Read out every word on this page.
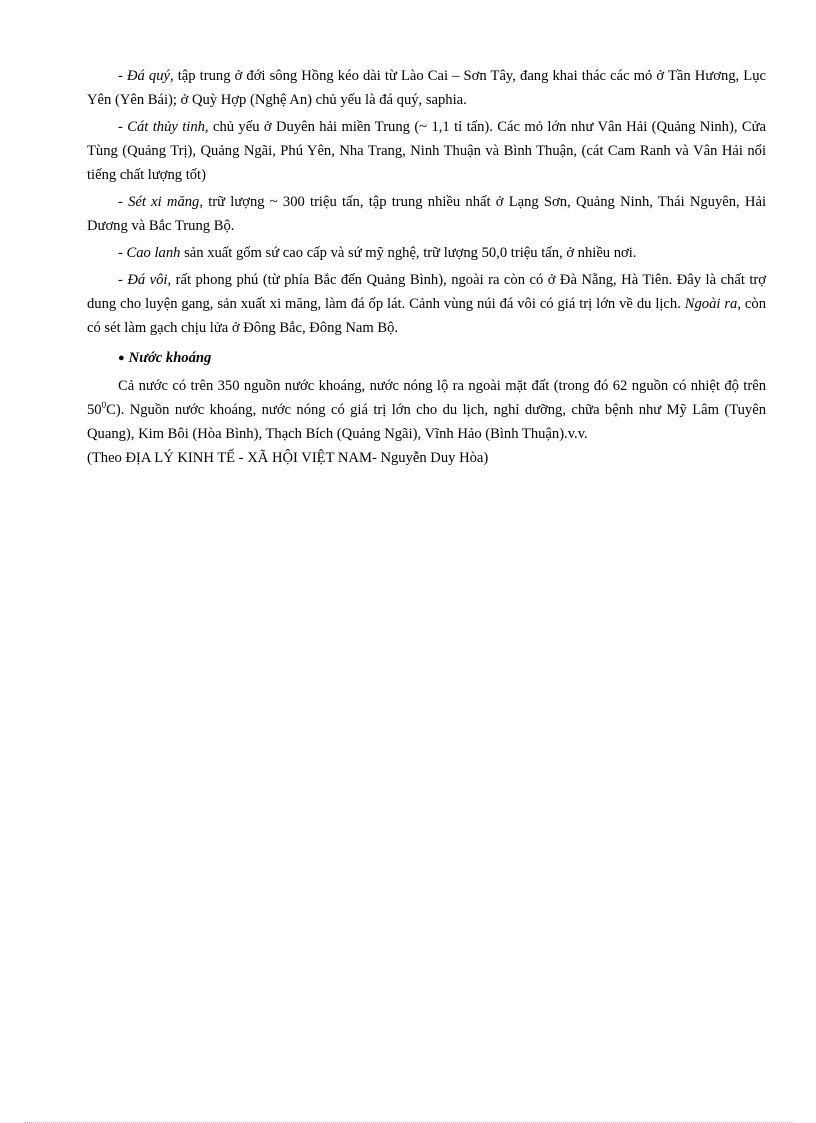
- Đá quý, tập trung ở đới sông Hồng kéo dài từ Lào Cai – Sơn Tây, đang khai thác các mỏ ở Tần Hương, Lục Yên (Yên Bái); ở Quỳ Hợp (Nghệ An) chủ yếu là đá quý, saphia.

- Cát thủy tinh, chủ yếu ở Duyên hải miền Trung (~ 1,1 tỉ tấn). Các mỏ lớn như Vân Hải (Quảng Ninh), Cửa Tùng (Quảng Trị), Quảng Ngãi, Phú Yên, Nha Trang, Ninh Thuận và Bình Thuận, (cát Cam Ranh và Vân Hải nổi tiếng chất lượng tốt)

- Sét xi măng, trữ lượng ~ 300 triệu tấn, tập trung nhiều nhất ở Lạng Sơn, Quảng Ninh, Thái Nguyên, Hải Dương và Bắc Trung Bộ.

- Cao lanh sản xuất gốm sứ cao cấp và sứ mỹ nghệ, trữ lượng 50,0 triệu tấn, ở nhiều nơi.

- Đá vôi, rất phong phú (từ phía Bắc đến Quảng Bình), ngoài ra còn có ở Đà Nẵng, Hà Tiên. Đây là chất trợ dung cho luyện gang, sản xuất xi măng, làm đá ốp lát. Cảnh vùng núi đá vôi có giá trị lớn về du lịch. Ngoài ra, còn có sét làm gạch chịu lửa ở Đông Bắc, Đông Nam Bộ.

● Nước khoáng

Cả nước có trên 350 nguồn nước khoáng, nước nóng lộ ra ngoài mặt đất (trong đó 62 nguồn có nhiệt độ trên $50^0C$). Nguồn nước khoáng, nước nóng có giá trị lớn cho du lịch, nghỉ dưỡng, chữa bệnh như Mỹ Lâm (Tuyên Quang), Kim Bôi (Hòa Bình), Thạch Bích (Quảng Ngãi), Vĩnh Hảo (Bình Thuận).v.v.

(Theo ĐỊA LÝ KINH TẾ - XÃ HỘI VIỆT NAM- Nguyễn Duy Hòa)
